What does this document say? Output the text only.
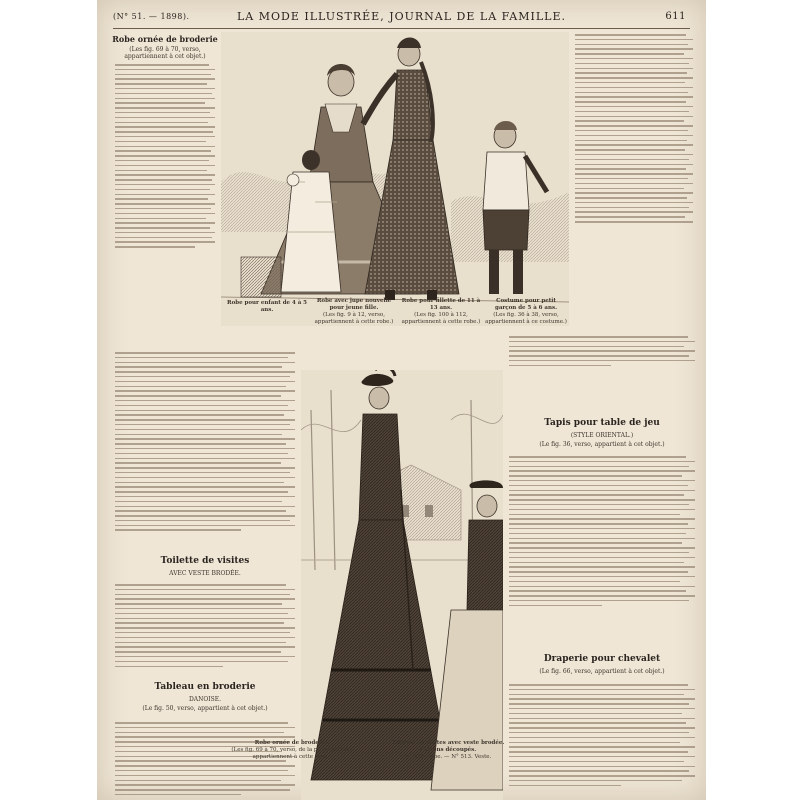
(N° 51. — 1898).	LA MODE ILLUSTRÉE, JOURNAL DE LA FAMILLE.	611
Robe ornée de broderie
(Les fig. 69 à 70, verso, appartiennent à cet objet.)
Toilette de visites
AVEC VESTE BRODÉE.
Tableau en broderie
DANOISE.
(Le fig. 50, verso, appartient à cet objet.)
Tapis pour table de jeu
(STYLE ORIENTAL.)
(Le fig. 36, verso, appartient à cet objet.)
Draperie pour chevalet
(Le fig. 66, verso, appartient à cet objet.)
Robe pour enfant de 4 à 5 ans.
Robe avec jupe nouvelle pour jeune fille.
(Les fig. 9 à 12, verso, appartiennent à cette robe.)
Robe pour fillette de 11 à 13 ans.
(Les fig. 100 à 112, appartiennent à cette robe.)
Costume pour petit garçon de 5 à 6 ans.
(Les fig. 36 à 38, verso, appartiennent à ce costume.)
Robe ornée de broderie.
(Les fig. 69 à 70, verso, de la pl. de patrons appartiennent à cette robe.)
Toilette de visites avec veste brodée.
Patrons découpés.
N° 512. Jupe. — N° 513. Veste.
